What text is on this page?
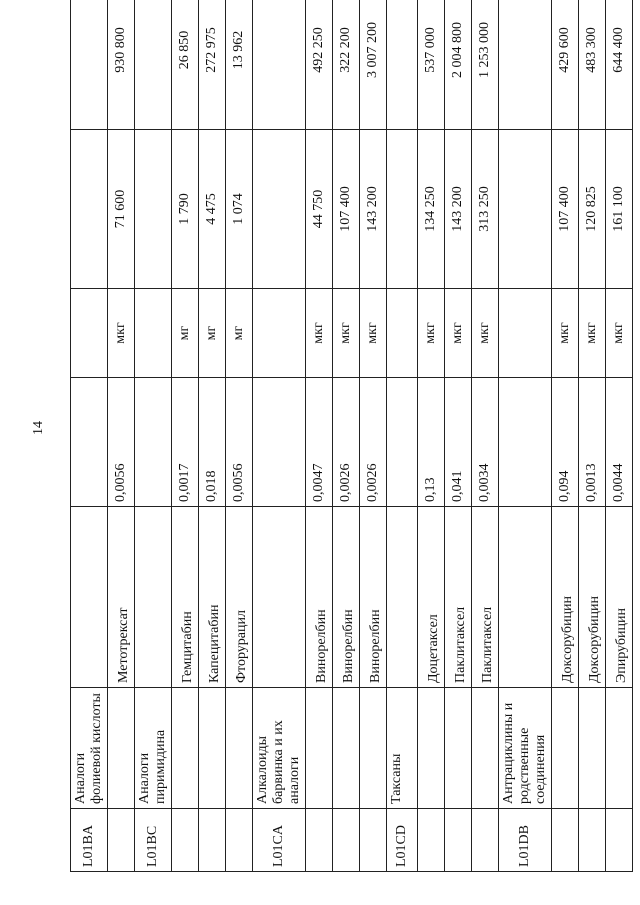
14
L01BA	Аналоги фолиевой кислоты					
		Метотрексат	0,0056	мкг	71 600	930 800
L01BC	Аналоги пиримидина					
		Гемцитабин	0,0017	мг	1 790	26 850
		Капецитабин	0,018	мг	4 475	272 975
		Фторурацил	0,0056	мг	1 074	13 962
L01CA	Алкалоиды барвинка и их аналоги					
		Винорелбин	0,0047	мкг	44 750	492 250
		Винорелбин	0,0026	мкг	107 400	322 200
		Винорелбин	0,0026	мкг	143 200	3 007 200
L01CD	Таксаны					
		Доцетаксел	0,13	мкг	134 250	537 000
		Паклитаксел	0,041	мкг	143 200	2 004 800
		Паклитаксел	0,0034	мкг	313 250	1 253 000
L01DB	Антрациклины и родственные соединения					
		Доксорубицин	0,094	мкг	107 400	429 600
		Доксорубицин	0,0013	мкг	120 825	483 300
		Эпирубицин	0,0044	мкг	161 100	644 400
